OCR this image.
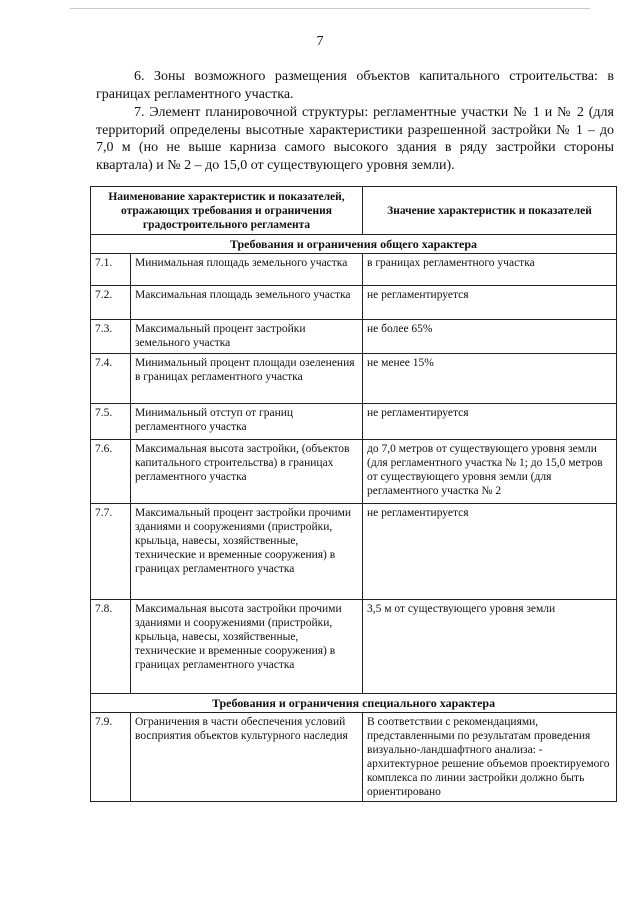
7

6. Зоны возможного размещения объектов капитального строительства: в границах регламентного участка.

7. Элемент планировочной структуры: регламентные участки № 1 и № 2 (для территорий определены высотные характеристики разрешенной застройки № 1 – до 7,0 м (но не выше карниза самого высокого здания в ряду застройки стороны квартала) и № 2 – до 15,0 от существующего уровня земли).

Наименование характеристик и показателей, отражающих требования и ограничения градостроительного регламента		Значение характеристик и показателей
Требования и ограничения общего характера		
7.1.	Минимальная площадь земельного участка	в границах регламентного участка
7.2.	Максимальная площадь земельного участка	не регламентируется
7.3.	Максимальный процент застройки земельного участка	не более 65%
7.4.	Минимальный процент площади озеленения в границах регламентного участка	не менее 15%
7.5.	Минимальный отступ от границ регламентного участка	не регламентируется
7.6.	Максимальная высота застройки, (объектов капитального строительства) в границах регламентного участка	до 7,0 метров от существующего уровня земли (для регламентного участка № 1; до 15,0 метров от существующего уровня земли (для регламентного участка № 2
7.7.	Максимальный процент застройки прочими зданиями и сооружениями (пристройки, крыльца, навесы, хозяйственные, технические и временные сооружения) в границах регламентного участка	не регламентируется
7.8.	Максимальная высота застройки прочими зданиями и сооружениями (пристройки, крыльца, навесы, хозяйственные, технические и временные сооружения) в границах регламентного участка	3,5 м от существующего уровня земли
Требования и ограничения специального характера		
7.9.	Ограничения в части обеспечения условий восприятия объектов культурного наследия	В соответствии с рекомендациями, представленными по результатам проведения визуально-ландшафтного анализа: - архитектурное решение объемов проектируемого комплекса по линии застройки должно быть ориентировано
